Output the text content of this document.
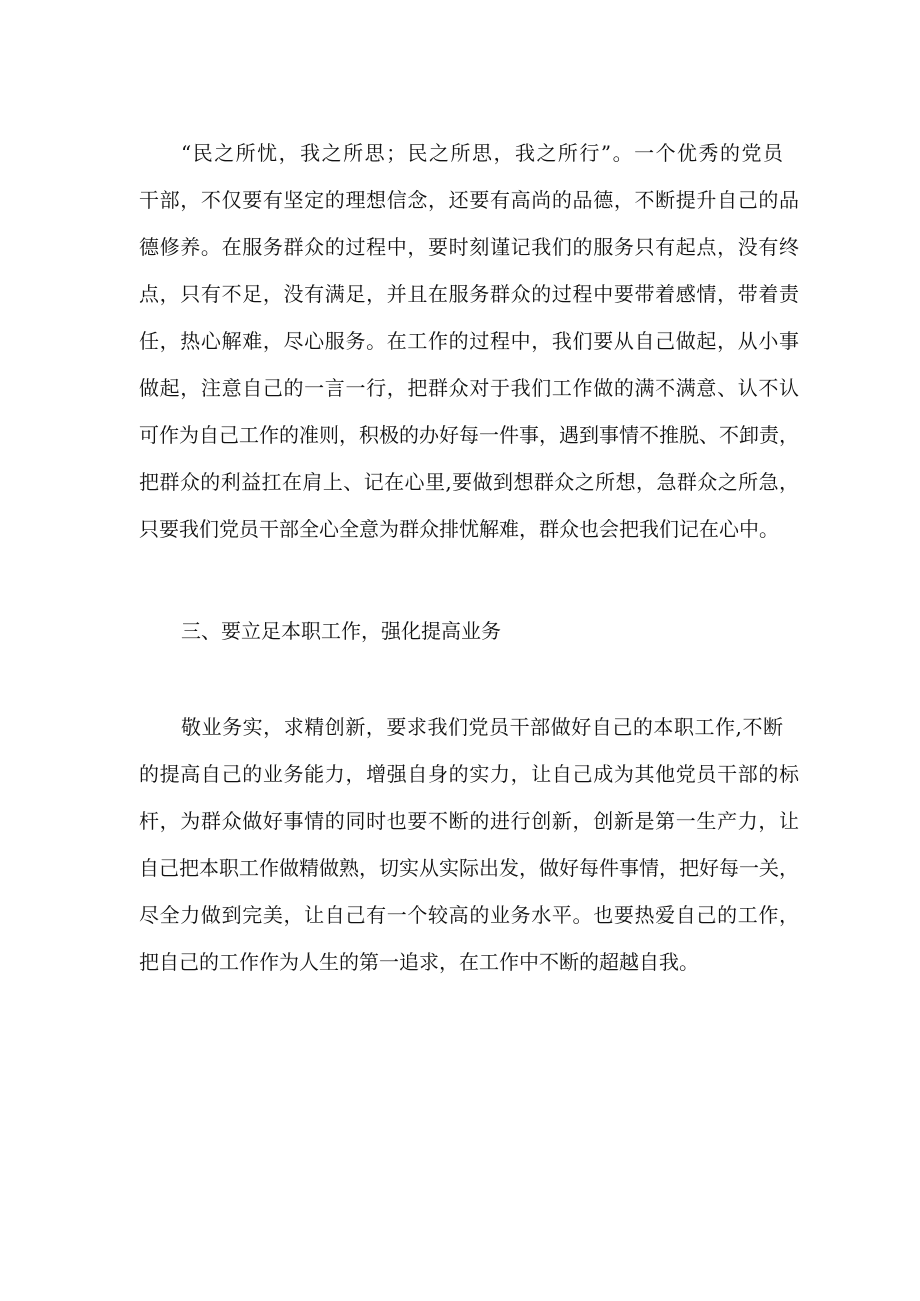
“民之所忧，我之所思；民之所思，我之所行”。一个优秀的党员
干部，不仅要有坚定的理想信念，还要有高尚的品德，不断提升自己的品
德修养。在服务群众的过程中，要时刻谨记我们的服务只有起点，没有终
点，只有不足，没有满足，并且在服务群众的过程中要带着感情，带着责
任，热心解难，尽心服务。在工作的过程中，我们要从自己做起，从小事
做起，注意自己的一言一行，把群众对于我们工作做的满不满意、认不认
可作为自己工作的准则，积极的办好每一件事，遇到事情不推脱、不卸责，
把群众的利益扛在肩上、记在心里,要做到想群众之所想，急群众之所急，
只要我们党员干部全心全意为群众排忧解难，群众也会把我们记在心中。
三、要立足本职工作，强化提高业务
敬业务实，求精创新，要求我们党员干部做好自己的本职工作,不断
的提高自己的业务能力，增强自身的实力，让自己成为其他党员干部的标
杆，为群众做好事情的同时也要不断的进行创新，创新是第一生产力，让
自己把本职工作做精做熟，切实从实际出发，做好每件事情，把好每一关，
尽全力做到完美，让自己有一个较高的业务水平。也要热爱自己的工作，
把自己的工作作为人生的第一追求，在工作中不断的超越自我。
